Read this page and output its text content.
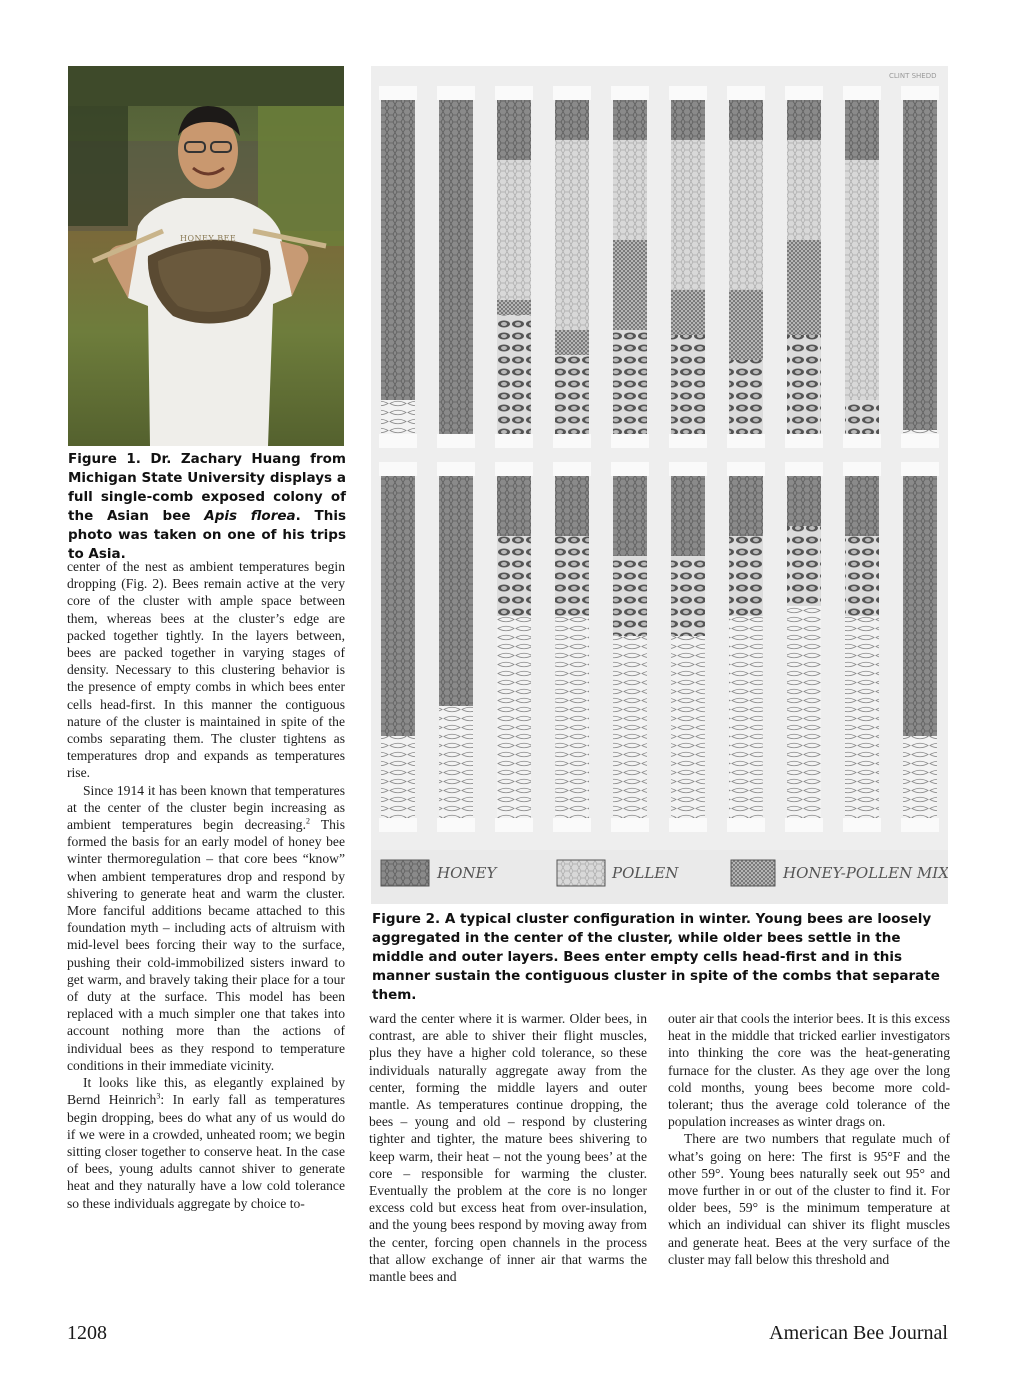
HONEY BEE
Figure 1. Dr. Zachary Huang from Michigan State University displays a full single-comb exposed colony of the Asian bee Apis florea. This photo was taken on one of his trips to Asia.
CLINT SHEDD
HONEY	POLLEN	HONEY-POLLEN MIX
Figure 2. A typical cluster configuration in winter. Young bees are loosely aggregated in the center of the cluster, while older bees settle in the middle and outer layers. Bees enter empty cells head-first and in this manner sustain the contiguous cluster in spite of the combs that separate them.

center of the nest as ambient temperatures begin dropping (Fig. 2). Bees remain active at the very core of the cluster with ample space between them, whereas bees at the cluster’s edge are packed together tightly. In the layers between, bees are packed together in varying stages of density. Necessary to this clustering behavior is the presence of empty combs in which bees enter cells head-first. In this manner the contiguous nature of the cluster is maintained in spite of the combs separating them. The cluster tightens as temperatures drop and expands as temperatures rise.

Since 1914 it has been known that temperatures at the center of the cluster begin increasing as ambient temperatures begin decreasing.$^2$ This formed the basis for an early model of honey bee winter thermoregulation – that core bees “know” when ambient temperatures drop and respond by shivering to generate heat and warm the cluster. More fanciful additions became attached to this foundation myth – including acts of altruism with mid-level bees forcing their way to the surface, pushing their cold-immobilized sisters inward to get warm, and bravely taking their place for a tour of duty at the surface. This model has been replaced with a much simpler one that takes into account nothing more than the actions of individual bees as they respond to temperature conditions in their immediate vicinity.

It looks like this, as elegantly explained by Bernd Heinrich$^3$: In early fall as temperatures begin dropping, bees do what any of us would do if we were in a crowded, unheated room; we begin sitting closer together to conserve heat. In the case of bees, young adults cannot shiver to generate heat and they naturally have a low cold tolerance so these individuals aggregate by choice to-

ward the center where it is warmer. Older bees, in contrast, are able to shiver their flight muscles, plus they have a higher cold tolerance, so these individuals naturally aggregate away from the center, forming the middle layers and outer mantle. As temperatures continue dropping, the bees – young and old – respond by clustering tighter and tighter, the mature bees shivering to keep warm, their heat – not the young bees’ at the core – responsible for warming the cluster. Eventually the problem at the core is no longer excess cold but excess heat from over-insulation, and the young bees respond by moving away from the center, forcing open channels in the process that allow exchange of inner air that warms the mantle bees and

outer air that cools the interior bees. It is this excess heat in the middle that tricked earlier investigators into thinking the core was the heat-generating furnace for the cluster. As they age over the long cold months, young bees become more cold-tolerant; thus the average cold tolerance of the population increases as winter drags on.

There are two numbers that regulate much of what’s going on here: The first is 95°F and the other 59°. Young bees naturally seek out 95° and move further in or out of the cluster to find it. For older bees, 59° is the minimum temperature at which an individual can shiver its flight muscles and generate heat. Bees at the very surface of the cluster may fall below this threshold and

1208	American Bee Journal
